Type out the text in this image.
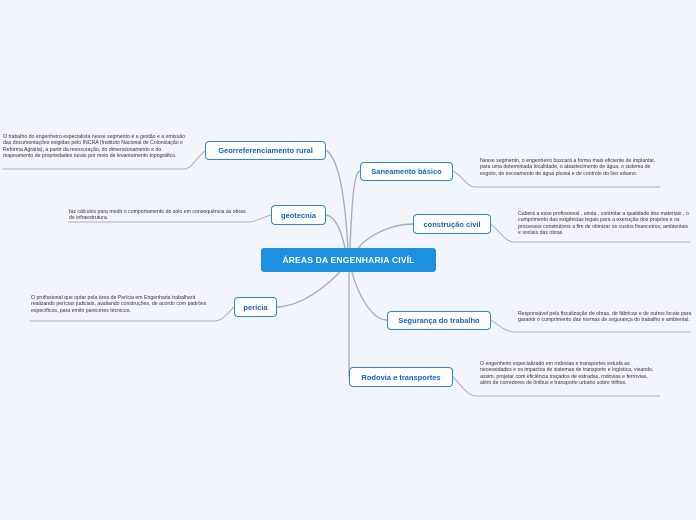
ÁREAS DA ENGENHARIA CIVÍL
Georreferenciamento rural
O trabalho do engenheiro especialista nesse segmento é a gestão e a emissão das documentações exigidas pelo INCRA (Instituto Nacional de Colonização e Reforma Agrária), a partir da mensuração, do dimensionamento e do mapeamento de propriedades rurais por meio de levantamento topográfico.
geotecnia
faz cálculos para medir o comportamento do solo em consequência às obras de infraestrutura.
perícia
O profissional que optar pela área de Perícia em Engenharia trabalhará realizando perícias judiciais, avaliando construções, de acordo com padrões específicos, para emitir pareceres técnicos.
Saneamento básico
Nesse segmento, o engenheiro buscará a forma mais eficiente de implantar, para uma determinada localidade, o abastecimento de água, o sistema de esgoto, de escoamento de água pluvial e de controle do lixo urbano.
construção civil
Caberá a esse profissional , ainda , controlar a qualidade dos materiais , o cumprimento das exigências legais para a execução dos projetos e os processos construtivos a fim de otimizar os custos financeiros, ambientais e sociais das obras
Segurança do trabalho
Responsável pela fiscalização de obras, de fábricas e de outros locais para garantir o cumprimento das normas de segurança do trabalho e ambiental.
Rodovia e transportes
O engenheiro especializado em rodovias e transportes estuda as necessidades e os impactos de sistemas de transporte e logística, visando, assim, projetar com eficiência traçados de estradas, rodovias e ferrovias, além de corredores de ônibus e transporte urbano sobre trilhos.
